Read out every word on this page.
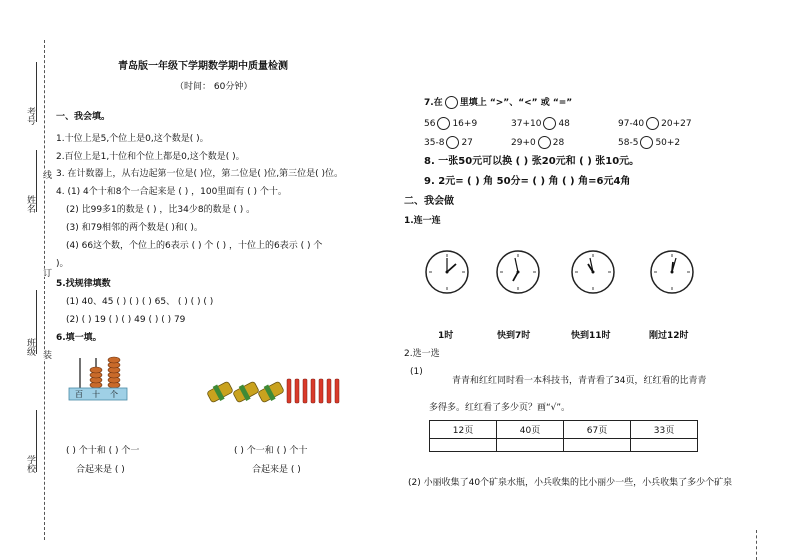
考号
姓名
班级
学校
线
订
装
青岛版一年级下学期数学期中质量检测
（时间： 60分钟）
一、我会填。
1.十位上是5,个位上是0,这个数是( )。
2.百位上是1,十位和个位上都是0,这个数是( )。
3. 在计数器上，从右边起第一位是( )位，第二位是( )位,第三位是( )位。
4. (1) 4个十和8个一合起来是 ( ) ，100里面有 ( ) 个十。
(2) 比99多1的数是 ( ) ，比34少8的数是 ( ) 。
(3) 和79相邻的两个数是( )和( )。
(4) 66这个数，个位上的6表示 ( ) 个 ( ) ，十位上的6表示 ( ) 个
)。
5.找规律填数
(1) 40、45 ( ) ( ) ( ) 65、 ( ) ( ) ( )
(2) ( ) 19 ( ) ( ) 49 ( ) ( ) 79
6.填一填。
百 十 个
( ) 个十和 ( ) 个一
合起来是 ( )
( ) 个一和 ( ) 个十
合起来是 ( )
7.在 里填上 “>”、“<” 或 “=”
56 16+9	37+10 48	97-40 20+27
35-8 27	29+0 28	58-5 50+2
8. 一张50元可以换 ( ) 张20元和 ( ) 张10元。
9. 2元= ( ) 角 50分= ( ) 角 ( ) 角=6元4角
二、我会做
1.连一连
1时	快到7时	快到11时	刚过12时
2.选一选
(1)
青青和红红同时看一本科技书，青青看了34页，红红看的比青青
多得多。红红看了多少页？画“√”。
12页	40页	67页	33页

(2) 小丽收集了40个矿泉水瓶，小兵收集的比小丽少一些，小兵收集了多少个矿泉
